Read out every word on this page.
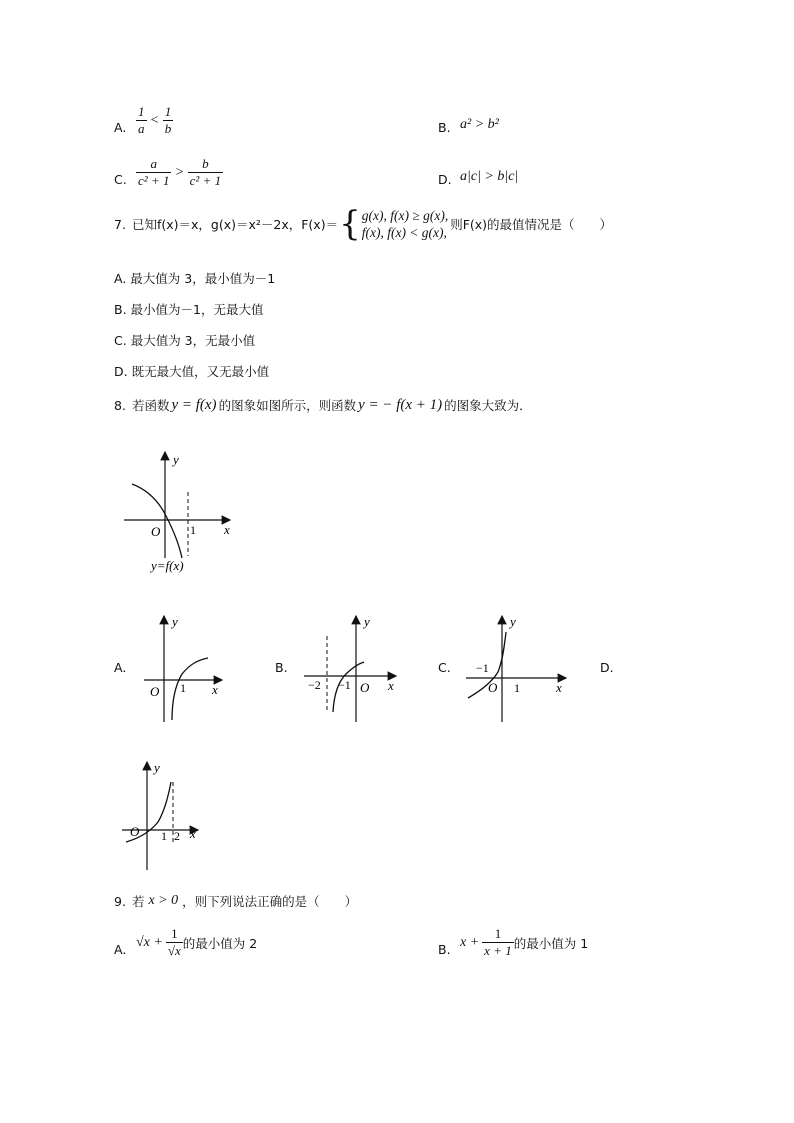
A. $\frac{1}{a} < \frac{1}{b}$	B. a² > b²
C. $\frac{a}{\text{c² + 1}} > \frac{b}{\text{c² + 1}}$	D. a|c| > b|c|
7. 已知f(x)＝x，g(x)＝x²－2x，F(x)＝ { g(x), f(x) ≥ g(x),
f(x), f(x) < g(x),
则F(x)的最值情况是（　　）
A. 最大值为 3，最小值为－1
B. 最小值为－1，无最大值
C. 最大值为 3，无最小值
D. 既无最大值，又无最小值
8. 若函数 y = f(x) 的图象如图所示，则函数 y = − f(x + 1) 的图象大致为．
y
x
O 1
y=f(x)
A.
y
x
O 1
B.
y
x
O
−2 −1
C.
y
x
O
−1
1
D.
y
x
O 1 2
9. 若 x > 0 ，则下列说法正确的是（　　）
A. $√x + \frac{1}{√x}$ 的最小值为 2	B. $x + \frac{1}{x + 1}$ 的最小值为 1
